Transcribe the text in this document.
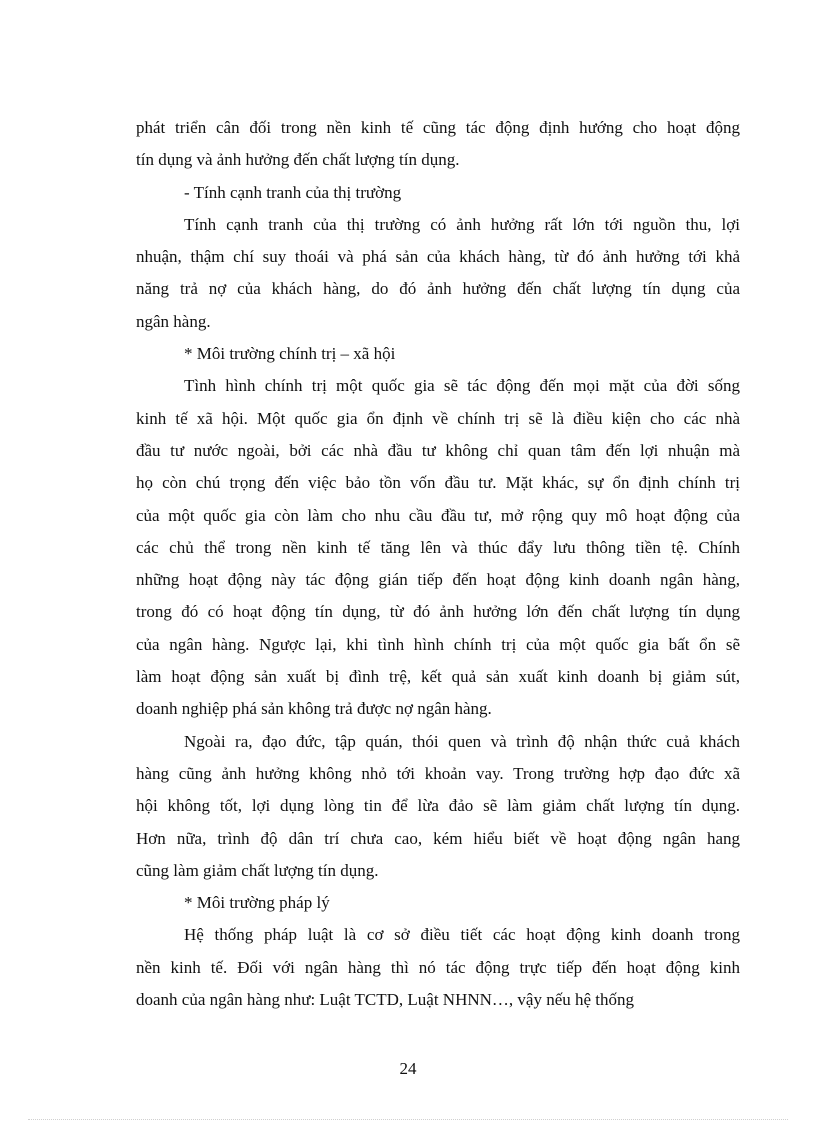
phát triển cân đối trong nền kinh tế cũng tác động định hướng cho hoạt động
tín dụng và ảnh hưởng đến chất lượng tín dụng.
- Tính cạnh tranh của thị trường
Tính cạnh tranh của thị trường có ảnh hưởng rất lớn tới nguồn thu, lợi
nhuận, thậm chí suy thoái và phá sản của khách hàng, từ đó ảnh hưởng tới khả
năng trả nợ của khách hàng, do đó ảnh hưởng đến chất lượng tín dụng của
ngân hàng.
* Môi trường chính trị – xã hội
Tình hình chính trị một quốc gia sẽ tác động đến mọi mặt của đời sống
kinh tế xã hội. Một quốc gia ổn định về chính trị sẽ là điều kiện cho các nhà
đầu tư nước ngoài, bởi các nhà đầu tư không chỉ quan tâm đến lợi nhuận mà
họ còn chú trọng đến việc bảo tồn vốn đầu tư. Mặt khác, sự ổn định chính trị
của một quốc gia còn làm cho nhu cầu đầu tư, mở rộng quy mô hoạt động của
các chủ thể trong nền kinh tế tăng lên và thúc đẩy lưu thông tiền tệ. Chính
những hoạt động này tác động gián tiếp đến hoạt động kinh doanh ngân hàng,
trong đó có hoạt động tín dụng, từ đó ảnh hưởng lớn đến chất lượng tín dụng
của ngân hàng. Ngược lại, khi tình hình chính trị của một quốc gia bất ổn sẽ
làm hoạt động sản xuất bị đình trệ, kết quả sản xuất kinh doanh bị giảm sút,
doanh nghiệp phá sản không trả được nợ ngân hàng.
Ngoài ra, đạo đức, tập quán, thói quen và trình độ nhận thức cuả khách
hàng cũng ảnh hưởng không nhỏ tới khoản vay. Trong trường hợp đạo đức xã
hội không tốt, lợi dụng lòng tin để lừa đảo sẽ làm giảm chất lượng tín dụng.
Hơn nữa, trình độ dân trí chưa cao, kém hiểu biết về hoạt động ngân hang
cũng làm giảm chất lượng tín dụng.
* Môi trường pháp lý
Hệ thống pháp luật là cơ sở điều tiết các hoạt động kinh doanh trong
nền kinh tế. Đối với ngân hàng thì nó tác động trực tiếp đến hoạt động kinh
doanh của ngân hàng như: Luật TCTD, Luật NHNN…, vậy nếu hệ thống
24
